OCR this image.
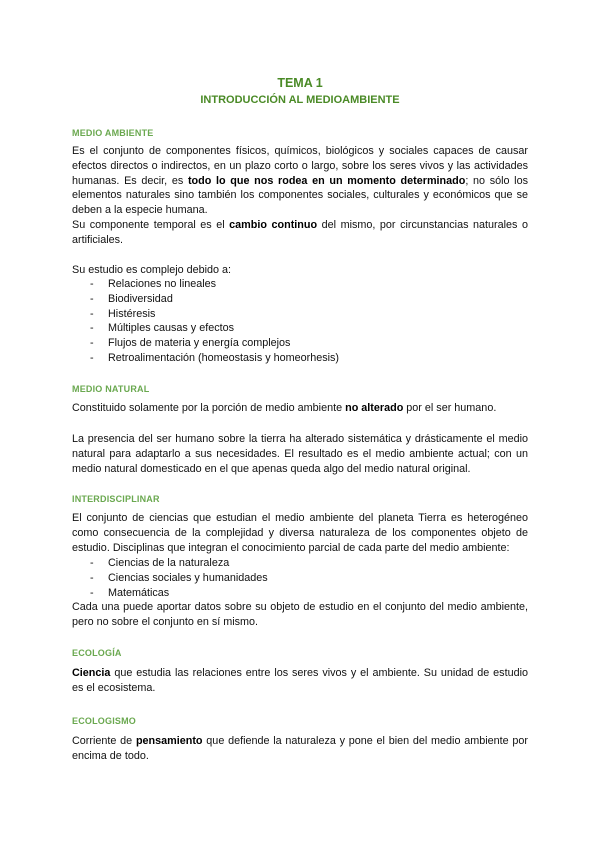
TEMA 1
INTRODUCCIÓN AL MEDIOAMBIENTE
MEDIO AMBIENTE

Es el conjunto de componentes físicos, químicos, biológicos y sociales capaces de causar efectos directos o indirectos, en un plazo corto o largo, sobre los seres vivos y las actividades humanas. Es decir, es todo lo que nos rodea en un momento determinado; no sólo los elementos naturales sino también los componentes sociales, culturales y económicos que se deben a la especie humana.

Su componente temporal es el cambio continuo del mismo, por circunstancias naturales o artificiales.

Su estudio es complejo debido a:

- Relaciones no lineales
- Biodiversidad
- Histéresis
- Múltiples causas y efectos
- Flujos de materia y energía complejos
- Retroalimentación (homeostasis y homeorhesis)
MEDIO NATURAL

Constituido solamente por la porción de medio ambiente no alterado por el ser humano.

La presencia del ser humano sobre la tierra ha alterado sistemática y drásticamente el medio natural para adaptarlo a sus necesidades. El resultado es el medio ambiente actual; con un medio natural domesticado en el que apenas queda algo del medio natural original.

INTERDISCIPLINAR

El conjunto de ciencias que estudian el medio ambiente del planeta Tierra es heterogéneo como consecuencia de la complejidad y diversa naturaleza de los componentes objeto de estudio. Disciplinas que integran el conocimiento parcial de cada parte del medio ambiente:

- Ciencias de la naturaleza
- Ciencias sociales y humanidades
- Matemáticas

Cada una puede aportar datos sobre su objeto de estudio en el conjunto del medio ambiente, pero no sobre el conjunto en sí mismo.

ECOLOGÍA

Ciencia que estudia las relaciones entre los seres vivos y el ambiente. Su unidad de estudio es el ecosistema.

ECOLOGISMO

Corriente de pensamiento que defiende la naturaleza y pone el bien del medio ambiente por encima de todo.
